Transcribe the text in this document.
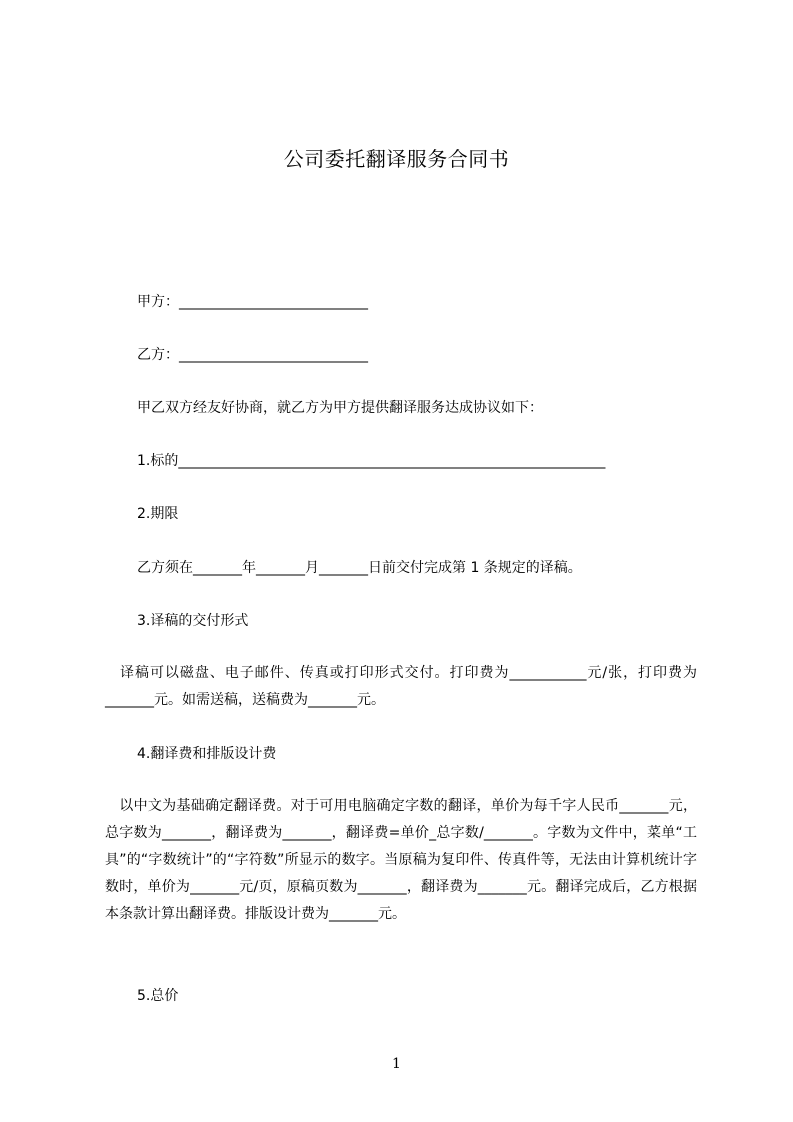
公司委托翻译服务合同书
甲方：___________________________
乙方：___________________________
甲乙双方经友好协商，就乙方为甲方提供翻译服务达成协议如下：
1.标的_____________________________________________________________
2.期限
乙方须在_______年_______月_______日前交付完成第 1 条规定的译稿。
3.译稿的交付形式
　译稿可以磁盘、电子邮件、传真或打印形式交付。打印费为___________元/张，打印费为_______元。如需送稿，送稿费为_______元。
4.翻译费和排版设计费
　以中文为基础确定翻译费。对于可用电脑确定字数的翻译，单价为每千字人民币_______元，总字数为_______，翻译费为_______，翻译费=单价_总字数/_______。字数为文件中，菜单“工具”的“字数统计”的“字符数”所显示的数字。当原稿为复印件、传真件等，无法由计算机统计字数时，单价为_______元/页，原稿页数为_______，翻译费为_______元。翻译完成后，乙方根据本条款计算出翻译费。排版设计费为_______元。
5.总价
1
